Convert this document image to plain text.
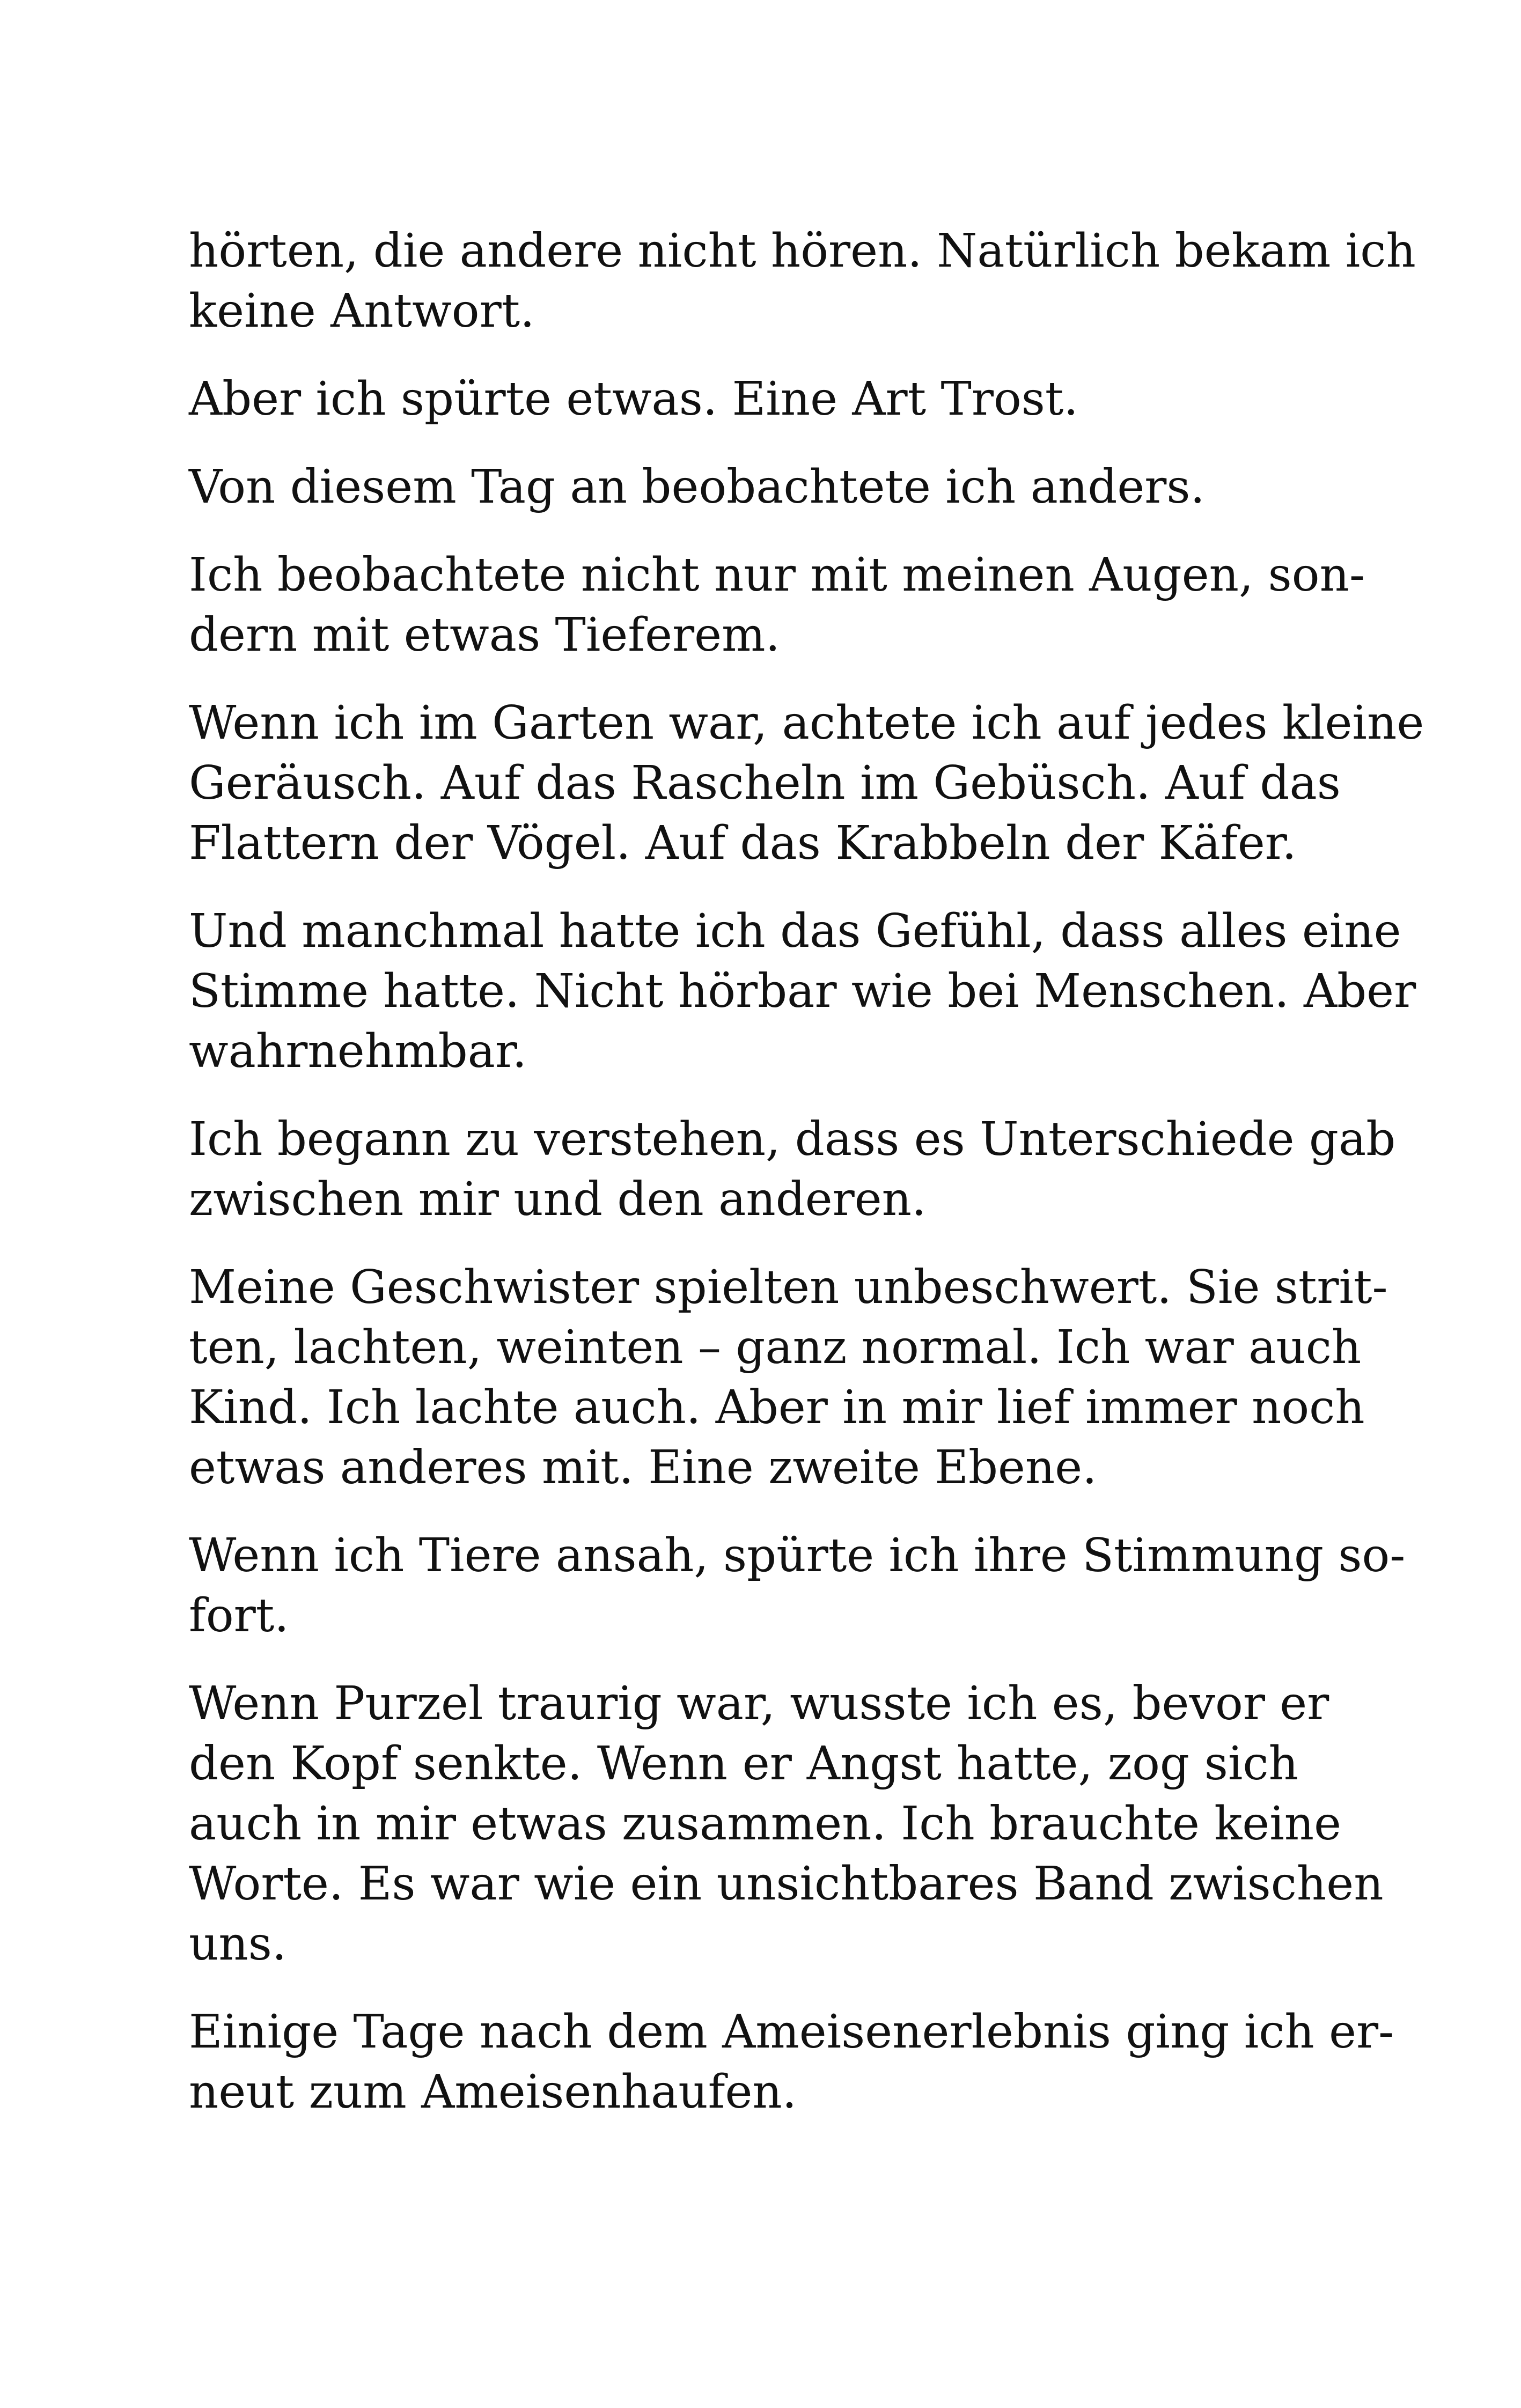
hörten, die andere nicht hören. Natürlich bekam ich
keine Antwort.

Aber ich spürte etwas. Eine Art Trost.

Von diesem Tag an beobachtete ich anders.

Ich beobachtete nicht nur mit meinen Augen, son-
dern mit etwas Tieferem.

Wenn ich im Garten war, achtete ich auf jedes kleine
Geräusch. Auf das Rascheln im Gebüsch. Auf das
Flattern der Vögel. Auf das Krabbeln der Käfer.

Und manchmal hatte ich das Gefühl, dass alles eine
Stimme hatte. Nicht hörbar wie bei Menschen. Aber
wahrnehmbar.

Ich begann zu verstehen, dass es Unterschiede gab
zwischen mir und den anderen.

Meine Geschwister spielten unbeschwert. Sie strit-
ten, lachten, weinten – ganz normal. Ich war auch
Kind. Ich lachte auch. Aber in mir lief immer noch
etwas anderes mit. Eine zweite Ebene.

Wenn ich Tiere ansah, spürte ich ihre Stimmung so-
fort.

Wenn Purzel traurig war, wusste ich es, bevor er
den Kopf senkte. Wenn er Angst hatte, zog sich
auch in mir etwas zusammen. Ich brauchte keine
Worte. Es war wie ein unsichtbares Band zwischen
uns.

Einige Tage nach dem Ameisenerlebnis ging ich er-
neut zum Ameisenhaufen.
